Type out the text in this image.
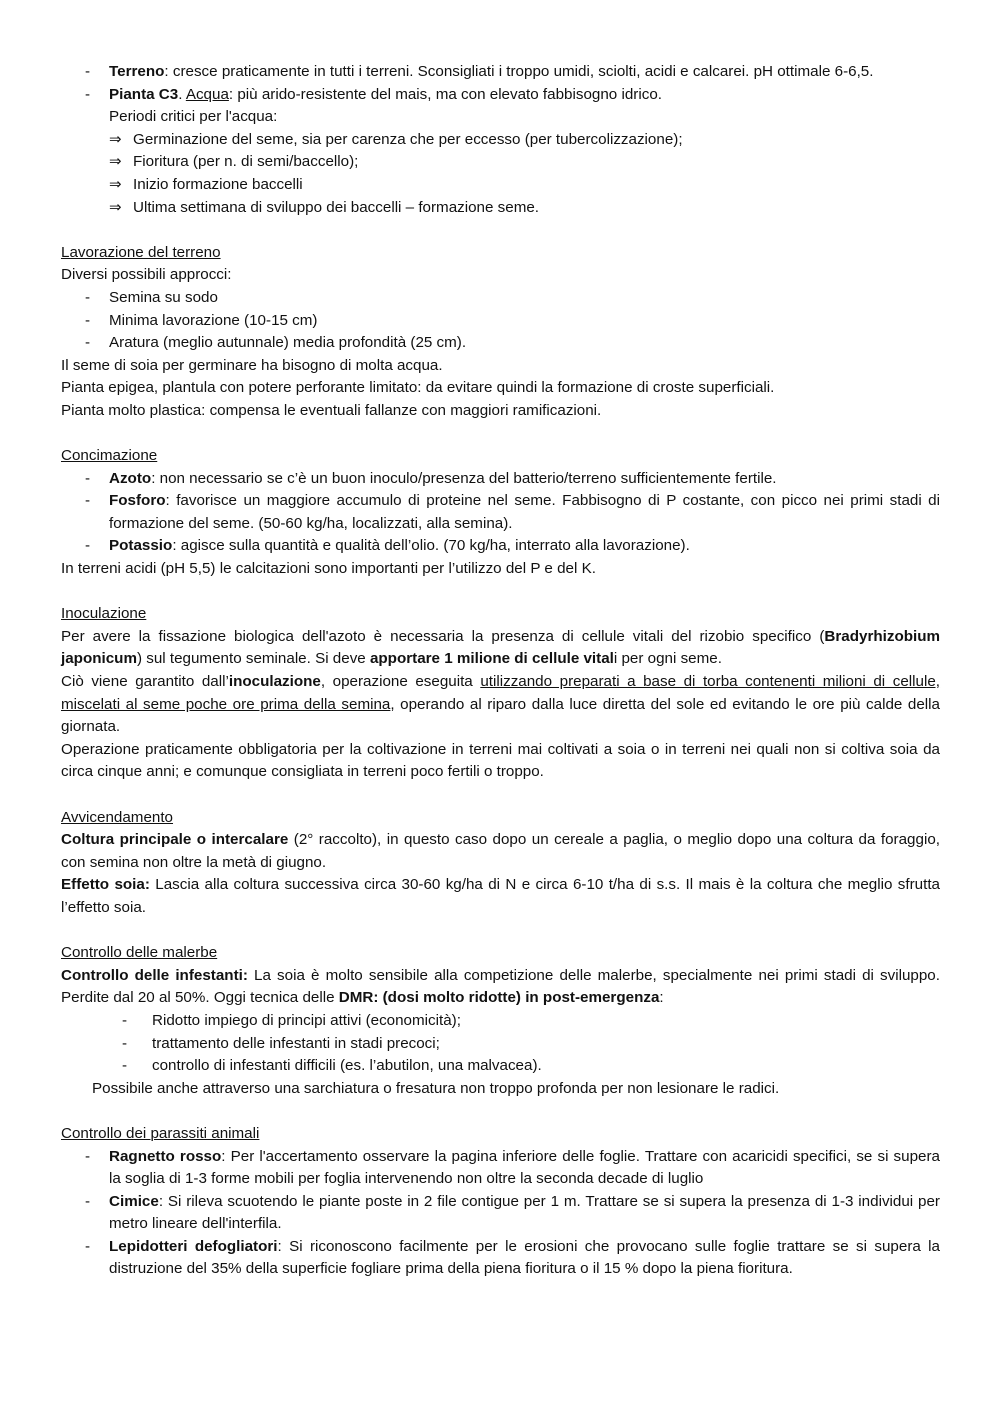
- Terreno: cresce praticamente in tutti i terreni. Sconsigliati i troppo umidi, sciolti, acidi e calcarei. pH ottimale 6-6,5.
- Pianta C3. Acqua: più arido-resistente del mais, ma con elevato fabbisogno idrico.

Periodi critici per l'acqua:

⇒ Germinazione del seme, sia per carenza che per eccesso (per tubercolizzazione);
⇒ Fioritura (per n. di semi/baccello);
⇒ Inizio formazione baccelli
⇒ Ultima settimana di sviluppo dei baccelli – formazione seme.

Lavorazione del terreno

Diversi possibili approcci:

- Semina su sodo
- Minima lavorazione (10-15 cm)
- Aratura (meglio autunnale) media profondità (25 cm).

Il seme di soia per germinare ha bisogno di molta acqua.

Pianta epigea, plantula con potere perforante limitato: da evitare quindi la formazione di croste superficiali.

Pianta molto plastica: compensa le eventuali fallanze con maggiori ramificazioni.

Concimazione

- Azoto: non necessario se c’è un buon inoculo/presenza del batterio/terreno sufficientemente fertile.
- Fosforo: favorisce un maggiore accumulo di proteine nel seme. Fabbisogno di P costante, con picco nei primi stadi di formazione del seme. (50-60 kg/ha, localizzati, alla semina).
- Potassio: agisce sulla quantità e qualità dell’olio. (70 kg/ha, interrato alla lavorazione).

In terreni acidi (pH 5,5) le calcitazioni sono importanti per l’utilizzo del P e del K.

Inoculazione

Per avere la fissazione biologica dell'azoto è necessaria la presenza di cellule vitali del rizobio specifico (Bradyrhizobium japonicum) sul tegumento seminale. Si deve apportare 1 milione di cellule vitali per ogni seme.

Ciò viene garantito dall’inoculazione, operazione eseguita utilizzando preparati a base di torba contenenti milioni di cellule, miscelati al seme poche ore prima della semina, operando al riparo dalla luce diretta del sole ed evitando le ore più calde della giornata.

Operazione praticamente obbligatoria per la coltivazione in terreni mai coltivati a soia o in terreni nei quali non si coltiva soia da circa cinque anni; e comunque consigliata in terreni poco fertili o troppo.

Avvicendamento

Coltura principale o intercalare (2° raccolto), in questo caso dopo un cereale a paglia, o meglio dopo una coltura da foraggio, con semina non oltre la metà di giugno.

Effetto soia: Lascia alla coltura successiva circa 30-60 kg/ha di N e circa 6-10 t/ha di s.s. Il mais è la coltura che meglio sfrutta l’effetto soia.

Controllo delle malerbe

Controllo delle infestanti: La soia è molto sensibile alla competizione delle malerbe, specialmente nei primi stadi di sviluppo. Perdite dal 20 al 50%. Oggi tecnica delle DMR: (dosi molto ridotte) in post-emergenza:

- Ridotto impiego di principi attivi (economicità);
- trattamento delle infestanti in stadi precoci;
- controllo di infestanti difficili (es. l’abutilon, una malvacea).

Possibile anche attraverso una sarchiatura o fresatura non troppo profonda per non lesionare le radici.

Controllo dei parassiti animali

- Ragnetto rosso: Per l'accertamento osservare la pagina inferiore delle foglie. Trattare con acaricidi specifici, se si supera la soglia di 1-3 forme mobili per foglia intervenendo non oltre la seconda decade di luglio
- Cimice: Si rileva scuotendo le piante poste in 2 file contigue per 1 m. Trattare se si supera la presenza di 1-3 individui per metro lineare dell'interfila.
- Lepidotteri defogliatori: Si riconoscono facilmente per le erosioni che provocano sulle foglie trattare se si supera la distruzione del 35% della superficie fogliare prima della piena fioritura o il 15 % dopo la piena fioritura.
